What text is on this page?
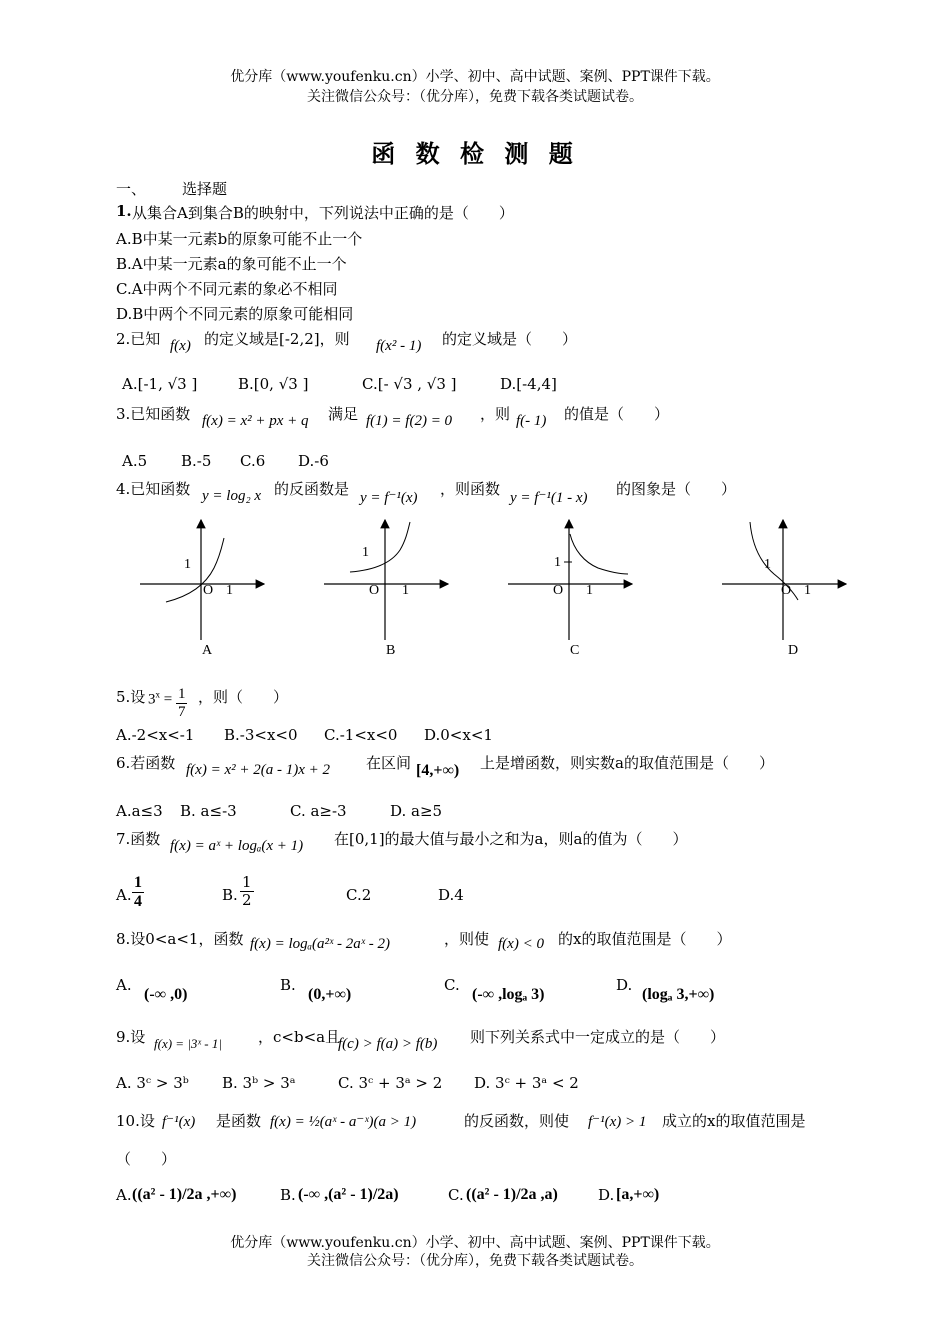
优分库（www.youfenku.cn）小学、初中、高中试题、案例、PPT课件下载。
关注微信公众号：（优分库），免费下载各类试题试卷。
函 数 检 测 题
一、 选择题
1. 从集合A到集合B的映射中，下列说法中正确的是（　　）
A.B中某一元素b的原象可能不止一个
B.A中某一元素a的象可能不止一个
C.A中两个不同元素的象必不相同
D.B中两个不同元素的原象可能相同
2.已知 f(x) 的定义域是[-2,2]，则 f(x² - 1) 的定义域是（　　）
A.[-1, √3 ]	B.[0, √3 ]	C.[- √3 , √3 ]	D.[-4,4]
3.已知函数 f(x) = x² + px + q 满足 f(1) = f(2) = 0 ，则 f(- 1) 的值是（　　）
A.5 B.-5 C.6 D.-6
4.已知函数 y = log₂ x 的反函数是 y = f⁻¹(x) ，则函数 y = f⁻¹(1 - x) 的图象是（　　）
1
O 1
A
1
O 1
B
1
O 1
C
1
O 1
D
5.设 $3^x = \frac{1}{7}$ ，则（　　）
A.-2<x<-1 B.-3<x<0 C.-1<x<0 D.0<x<1
6.若函数 f(x) = x² + 2(a - 1)x + 2 在区间 [4,+∞) 上是增函数，则实数a的取值范围是（　　）
A.a≤3 B. a≤-3	C. a≥-3	D. a≥5
7.函数 f(x) = aˣ + logₐ(x + 1) 在[0,1]的最大值与最小之和为a，则a的值为（　　）
A. $\frac{1}{4}$	B. $\frac{1}{2}$	C.2	D.4
8.设0<a<1，函数 f(x) = logₐ(a²ˣ - 2aˣ - 2)	，则使 f(x) < 0 的x的取值范围是（　　）
A.
(-∞ ,0)
B.
(0,+∞)
C.
(-∞ ,logₐ 3)
D.
(logₐ 3,+∞)
9.设 f(x) = |3ˣ - 1| ，c<b<a且
f(c) > f(a) > f(b) 则下列关系式中一定成立的是（　　）
A. 3ᶜ > 3ᵇ B. 3ᵇ > 3ᵃ	C. 3ᶜ + 3ᵃ > 2 D. 3ᶜ + 3ᵃ < 2
10.设 f⁻¹(x) 是函数 f(x) = ½(aˣ - a⁻ˣ)(a > 1)	的反函数，则使 f⁻¹(x) > 1 成立的x的取值范围是
（　　）
A. ((a² - 1)/2a ,+∞)	B. (-∞ ,(a² - 1)/2a)	C. ((a² - 1)/2a ,a)	D. [a,+∞)
优分库（www.youfenku.cn）小学、初中、高中试题、案例、PPT课件下载。
关注微信公众号：（优分库），免费下载各类试题试卷。
